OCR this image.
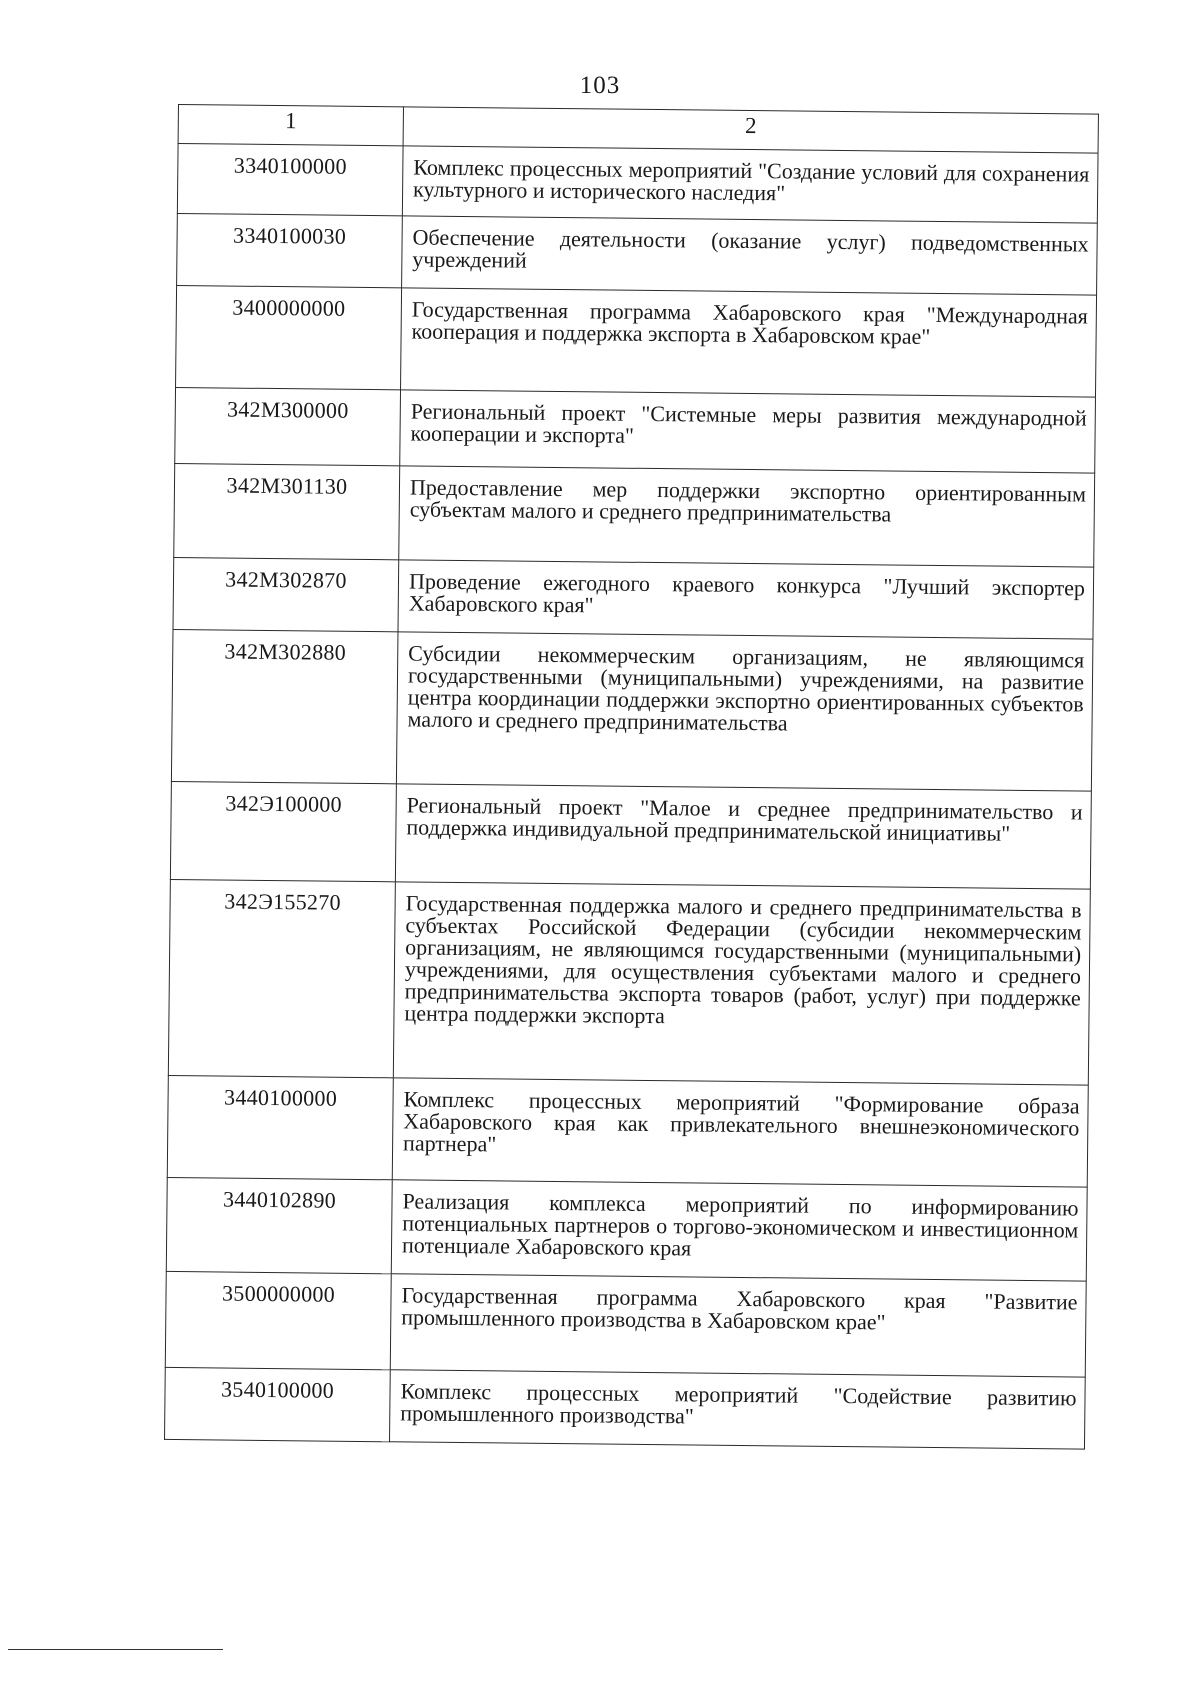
103
1	2
3340100000	Комплекс процессных мероприятий "Создание условий для сохранения культурного и исторического наследия"
3340100030	Обеспечение деятельности (оказание услуг) подведомственных учреждений
3400000000	Государственная программа Хабаровского края "Международная кооперация и поддержка экспорта в Хабаровском крае"
342М300000	Региональный проект "Системные меры развития международной кооперации и экспорта"
342М301130	Предоставление мер поддержки экспортно ориентированным субъектам малого и среднего предпринимательства
342М302870	Проведение ежегодного краевого конкурса "Лучший экспортер Хабаровского края"
342М302880	Субсидии некоммерческим организациям, не являющимся государственными (муниципальными) учреждениями, на развитие центра координации поддержки экспортно ориентированных субъектов малого и среднего предпринимательства
342Э100000	Региональный проект "Малое и среднее предпринимательство и поддержка индивидуальной предпринимательской инициативы"
342Э155270	Государственная поддержка малого и среднего предпринимательства в субъектах Российской Федерации (субсидии некоммерческим организациям, не являющимся государственными (муниципальными) учреждениями, для осуществления субъектами малого и среднего предпринимательства экспорта товаров (работ, услуг) при поддержке центра поддержки экспорта
3440100000	Комплекс процессных мероприятий "Формирование образа Хабаровского края как привлекательного внешнеэкономического партнера"
3440102890	Реализация комплекса мероприятий по информированию потенциальных партнеров о торгово-экономическом и инвестиционном потенциале Хабаровского края
3500000000	Государственная программа Хабаровского края "Развитие промышленного производства в Хабаровском крае"
3540100000	Комплекс процессных мероприятий "Содействие развитию промышленного производства"
